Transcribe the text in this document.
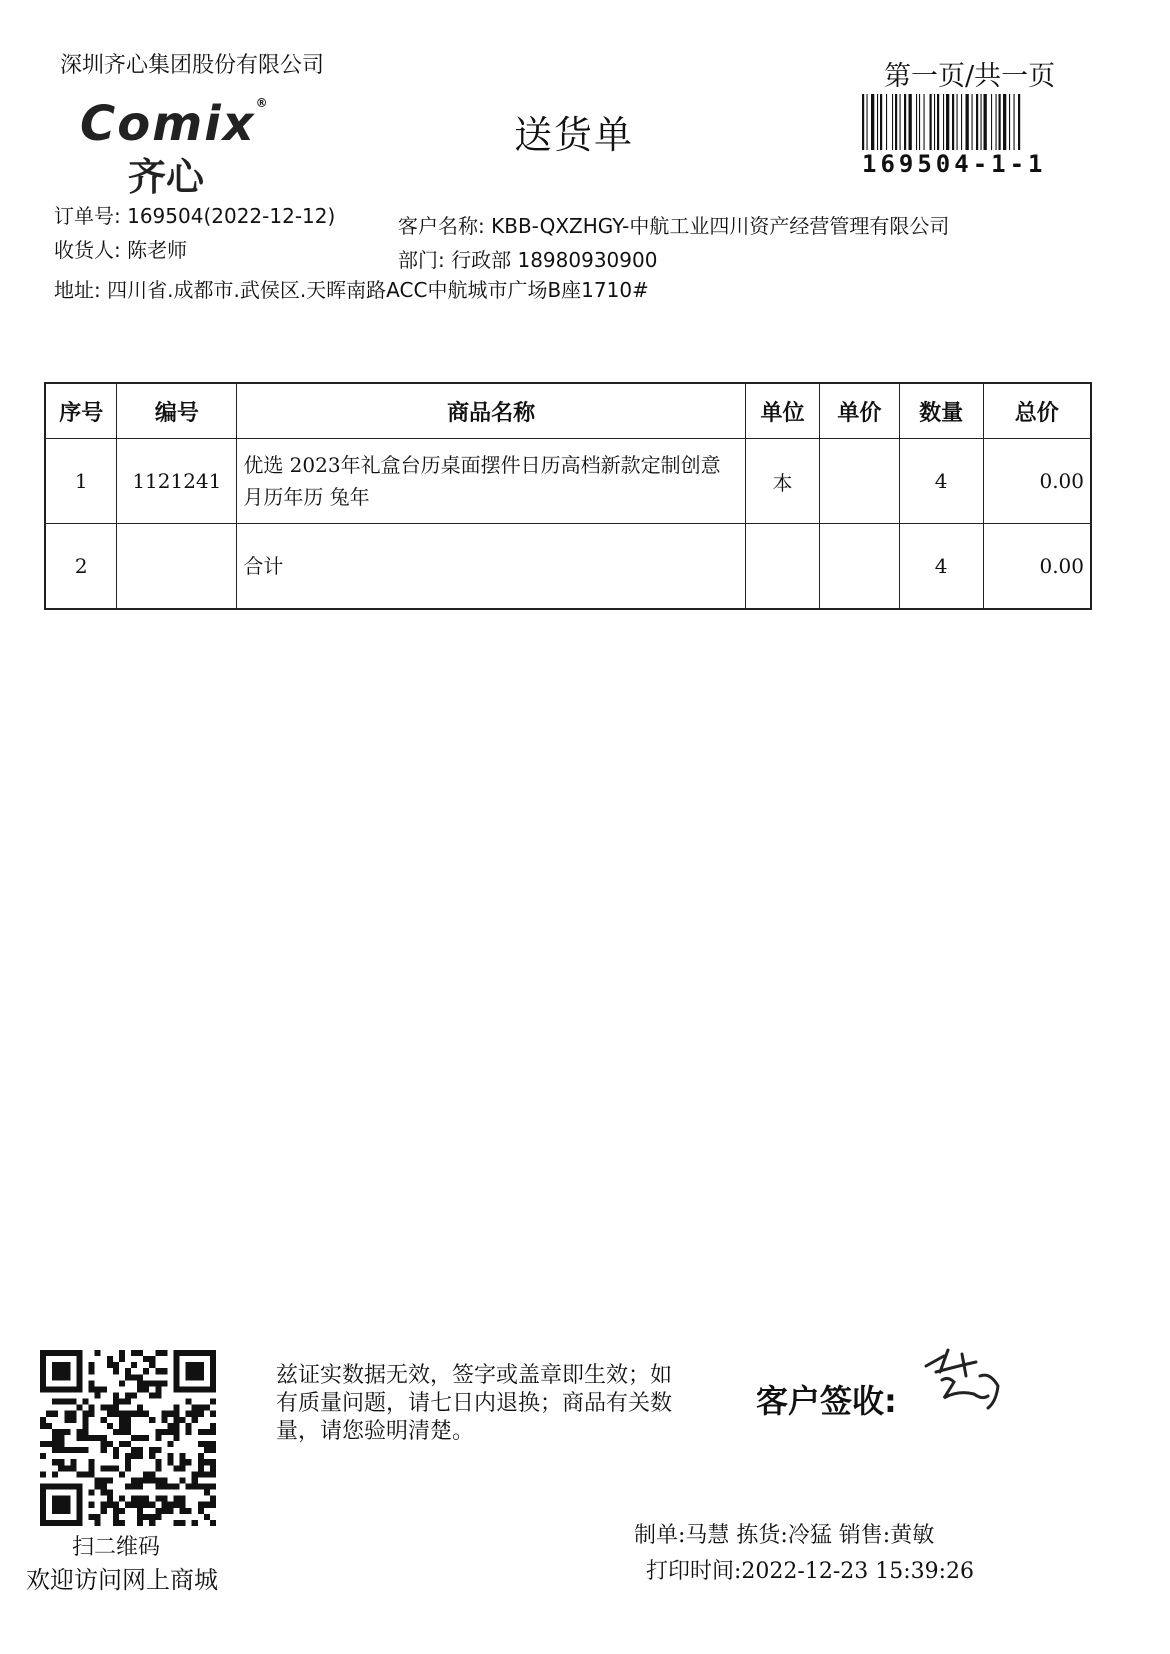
深圳齐心集团股份有限公司
Comix®
齐心
送货单
第一页/共一页
169504-1-1
订单号: 169504(2022-12-12)	客户名称: KBB-QXZHGY-中航工业四川资产经营管理有限公司
收货人: 陈老师	部门: 行政部 18980930900
地址: 四川省.成都市.武侯区.天晖南路ACC中航城市广场B座1710#
序号	编号	商品名称	单位	单价	数量	总价
1	1121241	优选 2023年礼盒台历桌面摆件日历高档新款定制创意月历年历 兔年	本		4	0.00
2		合计			4	0.00
扫二维码
欢迎访问网上商城
兹证实数据无效，签字或盖章即生效；如有质量问题，请七日内退换；商品有关数量，请您验明清楚。
客户签收:
制单:马慧 拣货:冷猛 销售:黄敏
打印时间:2022-12-23 15:39:26
